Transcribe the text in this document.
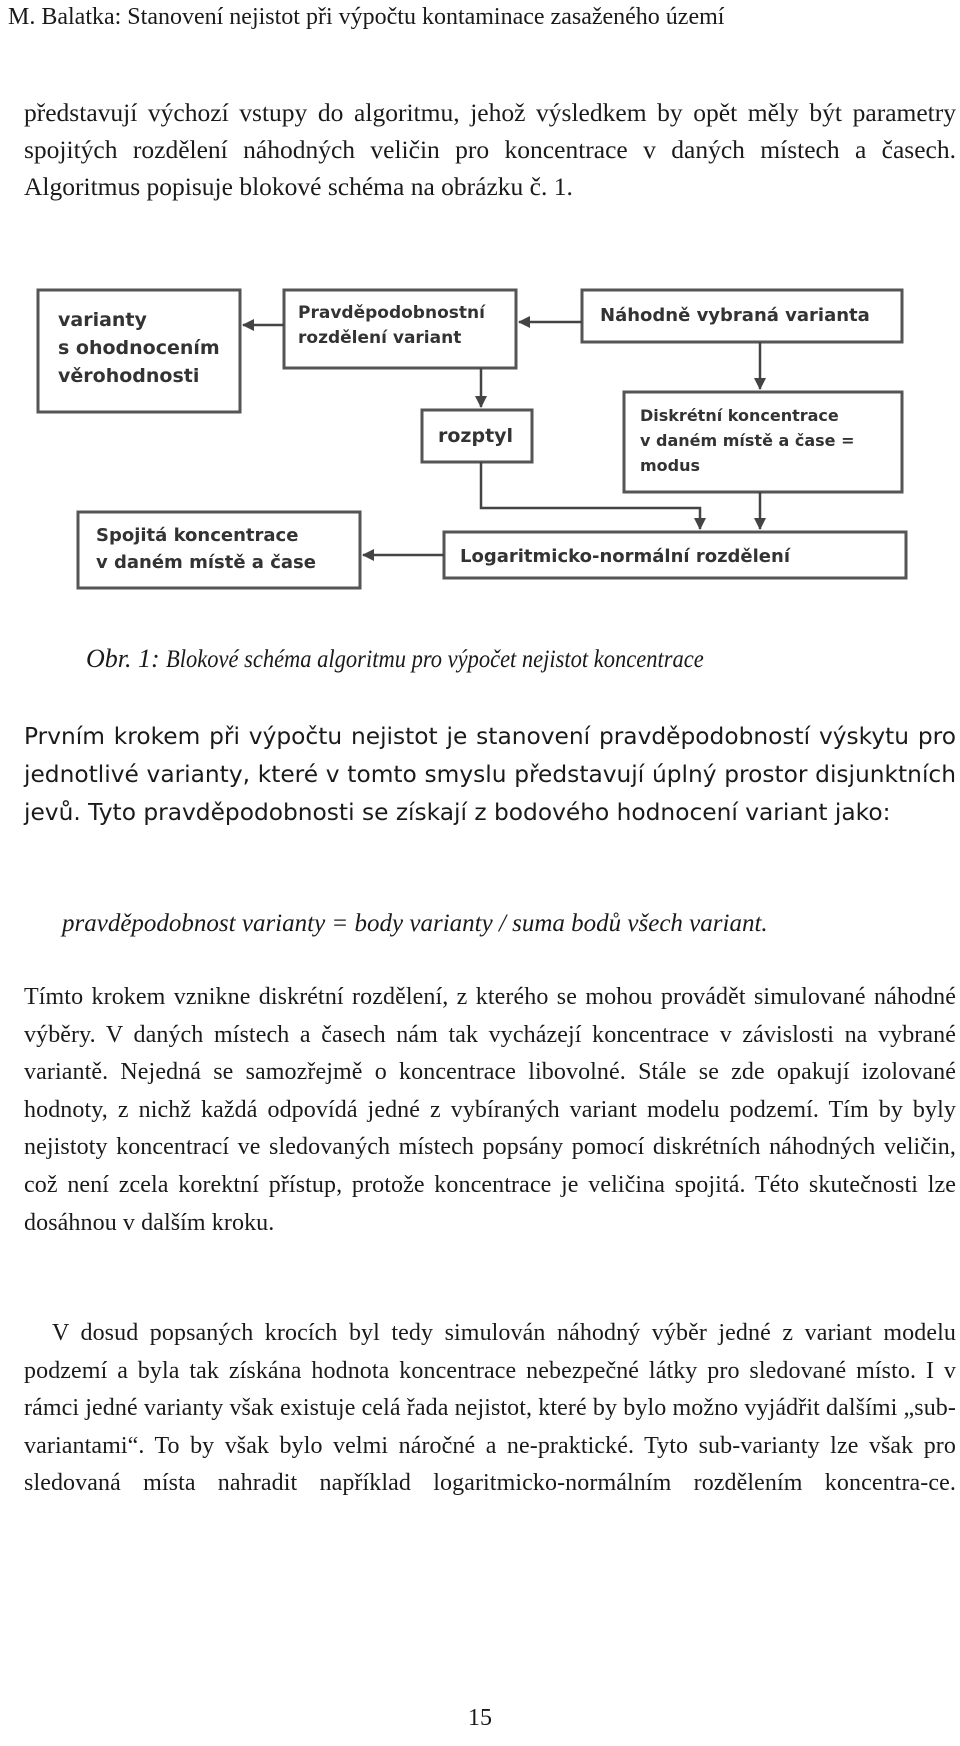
M. Balatka: Stanovení nejistot při výpočtu kontaminace zasaženého území

představují výchozí vstupy do algoritmu, jehož výsledkem by opět měly být parametry spojitých rozdělení náhodných veličin pro koncentrace v daných místech a časech. Algoritmus popisuje blokové schéma na obrázku č. 1.

varianty
s ohodnocením
věrohodnosti
Pravděpodobnostní
rozdělení variant
Náhodně vybraná varianta
rozptyl
Diskrétní koncentrace
v daném místě a čase =
modus
Spojitá koncentrace
v daném místě a čase	Logaritmicko-normální rozdělení
Obr. 1: Blokové schéma algoritmu pro výpočet nejistot koncentrace

Prvním krokem při výpočtu nejistot je stanovení pravděpodobností výskytu pro jednotlivé varianty, které v tomto smyslu představují úplný prostor disjunktních jevů. Tyto pravděpodobnosti se získají z bodového hodnocení variant jako:

pravděpodobnost varianty = body varianty / suma bodů všech variant.

Tímto krokem vznikne diskrétní rozdělení, z kterého se mohou provádět simulované náhodné výběry. V daných místech a časech nám tak vycházejí koncentrace v závislosti na vybrané variantě. Nejedná se samozřejmě o koncentrace libovolné. Stále se zde opakují izolované hodnoty, z nichž každá odpovídá jedné z vybíraných variant modelu podzemí. Tím by byly nejistoty koncentrací ve sledovaných místech popsány pomocí diskrétních náhodných veličin, což není zcela korektní přístup, protože koncentrace je veličina spojitá. Této skutečnosti lze dosáhnou v dalším kroku.

V dosud popsaných krocích byl tedy simulován náhodný výběr jedné z variant modelu podzemí a byla tak získána hodnota koncentrace nebezpečné látky pro sledované místo. I v rámci jedné varianty však existuje celá řada nejistot, které by bylo možno vyjádřit dalšími „sub-variantami“. To by však bylo velmi náročné a ne-praktické. Tyto sub-varianty lze však pro sledovaná místa nahradit například logaritmicko-normálním rozdělením koncentra-ce.

15
